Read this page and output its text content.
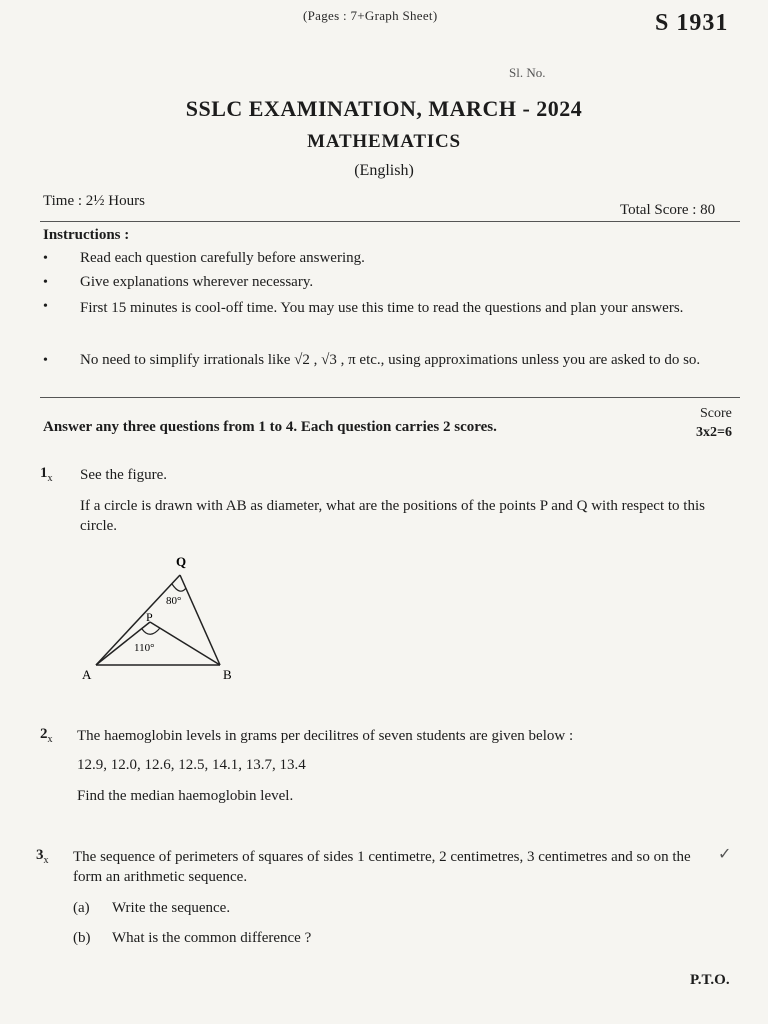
(Pages : 7+Graph Sheet)	S 1931
Sl. No.
SSLC EXAMINATION, MARCH - 2024
MATHEMATICS
(English)
Time : 2½ Hours
Total Score : 80
Instructions :
• Read each question carefully before answering.
• Give explanations wherever necessary.
• First 15 minutes is cool-off time. You may use this time to read the questions and plan your answers.
• No need to simplify irrationals like √2 , √3 , π etc., using approximations unless you are asked to do so.
Answer any three questions from 1 to 4. Each question carries 2 scores.
Score
3x2=6
$1_x$ See the figure.
If a circle is drawn with AB as diameter, what are the positions of the points P and Q with respect to this circle.
Q
P
A	B
80°
110°
$2_x$ The haemoglobin levels in grams per decilitres of seven students are given below :
12.9, 12.0, 12.6, 12.5, 14.1, 13.7, 13.4
Find the median haemoglobin level.
$3_x$ The sequence of perimeters of squares of sides 1 centimetre, 2 centimetres, 3 centimetres and so on the form an arithmetic sequence.
✓
(a) Write the sequence.
(b) What is the common difference ?
P.T.O.
